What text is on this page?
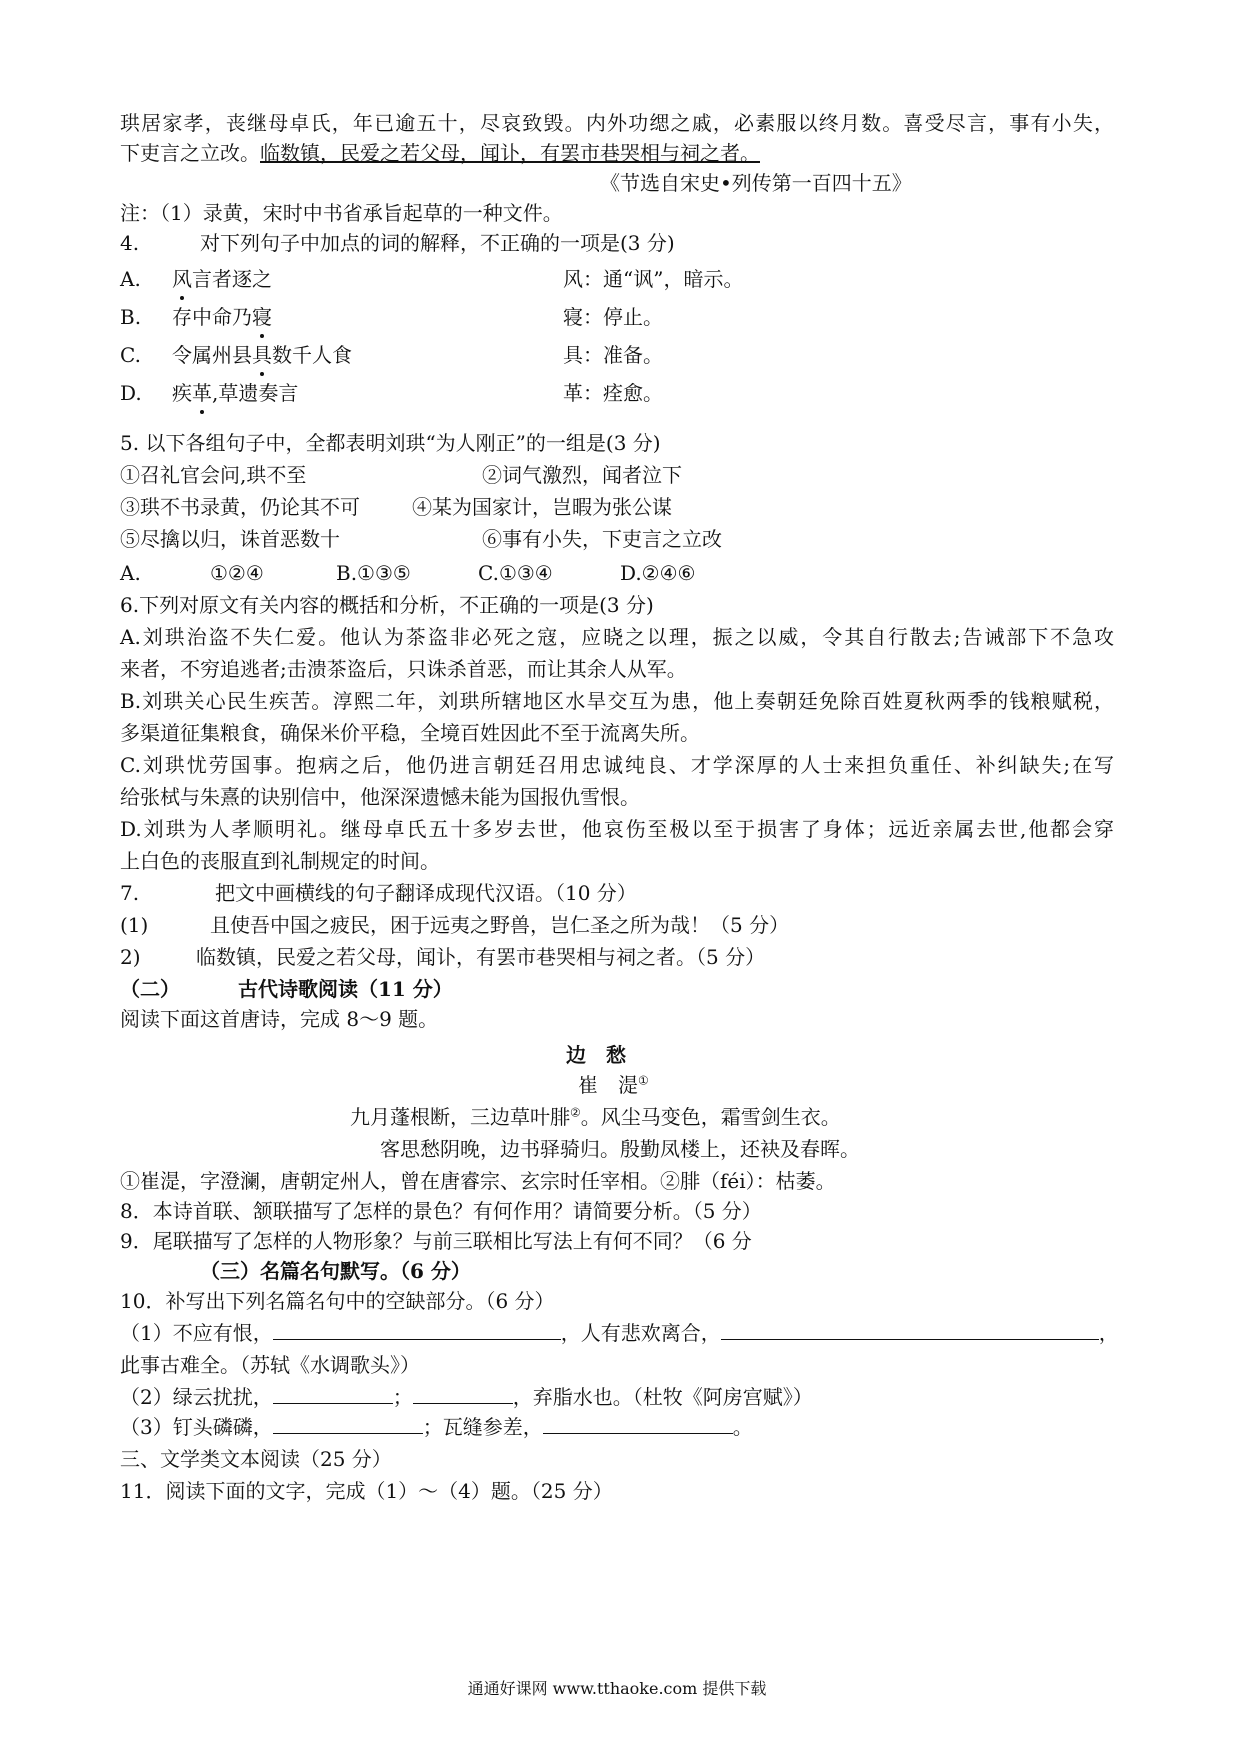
珙居家孝，丧继母卓氏，年已逾五十，尽哀致毁。内外功缌之戚，必素服以终月数。喜受尽言，事有小失，
下吏言之立改。临数镇，民爱之若父母，闻讣，有罢市巷哭相与祠之者。
《节选自宋史•列传第一百四十五》
注：（1）录黄，宋时中书省承旨起草的一种文件。
4.	对下列句子中加点的词的解释，不正确的一项是(3 分)
A. 风言者逐之	风：通“讽”，暗示。
B. 存中命乃寝	寝：停止。
C. 令属州县具数千人食	具：准备。
D. 疾革,草遗奏言	革：痊愈。
5. 以下各组句子中，全都表明刘珙“为人刚正”的一组是(3 分)
①召礼官会问,珙不至	②词气激烈，闻者泣下
③珙不书录黄，仍论其不可	④某为国家计，岂暇为张公谋
⑤尽擒以归，诛首恶数十	⑥事有小失，下吏言之立改
A.	①②④	B.①③⑤	C.①③④	D.②④⑥
6.下列对原文有关内容的概括和分析，不正确的一项是(3 分)
A.刘珙治盗不失仁爱。他认为茶盗非必死之寇，应晓之以理，振之以威，令其自行散去;告诫部下不急攻
来者，不穷追逃者;击溃茶盗后，只诛杀首恶，而让其余人从军。
B.刘珙关心民生疾苦。淳熙二年，刘珙所辖地区水旱交互为患，他上奏朝廷免除百姓夏秋两季的钱粮赋税，
多渠道征集粮食，确保米价平稳，全境百姓因此不至于流离失所。
C.刘珙忧劳国事。抱病之后，他仍进言朝廷召用忠诚纯良、才学深厚的人士来担负重任、补纠缺失;在写
给张栻与朱熹的诀别信中，他深深遗憾未能为国报仇雪恨。
D.刘珙为人孝顺明礼。继母卓氏五十多岁去世，他哀伤至极以至于损害了身体；远近亲属去世,他都会穿
上白色的丧服直到礼制规定的时间。
7.	把文中画横线的句子翻译成现代汉语。（10 分）
(1)	且使吾中国之疲民，困于远夷之野兽，岂仁圣之所为哉！（5 分）
2)	临数镇，民爱之若父母，闻讣，有罢市巷哭相与祠之者。（5 分）
（二）	古代诗歌阅读（11 分）
阅读下面这首唐诗，完成 8～9 题。
边　愁
崔　湜①
九月蓬根断，三边草叶腓②。风尘马变色，霜雪剑生衣。
客思愁阴晚，边书驿骑归。殷勤凤楼上，还袂及春晖。
①崔湜，字澄澜，唐朝定州人，曾在唐睿宗、玄宗时任宰相。②腓（féi）：枯萎。
8．本诗首联、颔联描写了怎样的景色？有何作用？请简要分析。（5 分）
9．尾联描写了怎样的人物形象？与前三联相比写法上有何不同？（6 分
（三）名篇名句默写。（6 分）
10．补写出下列名篇名句中的空缺部分。（6 分）
（1）不应有恨，	，人有悲欢离合，	，
此事古难全。（苏轼《水调歌头》）
（2）绿云扰扰，	；	，弃脂水也。（杜牧《阿房宫赋》）
（3）钉头磷磷，	；瓦缝参差，	。
三、文学类文本阅读（25 分）
11．阅读下面的文字，完成（1）～（4）题。（25 分）
通通好课网 www.tthaoke.com 提供下载
